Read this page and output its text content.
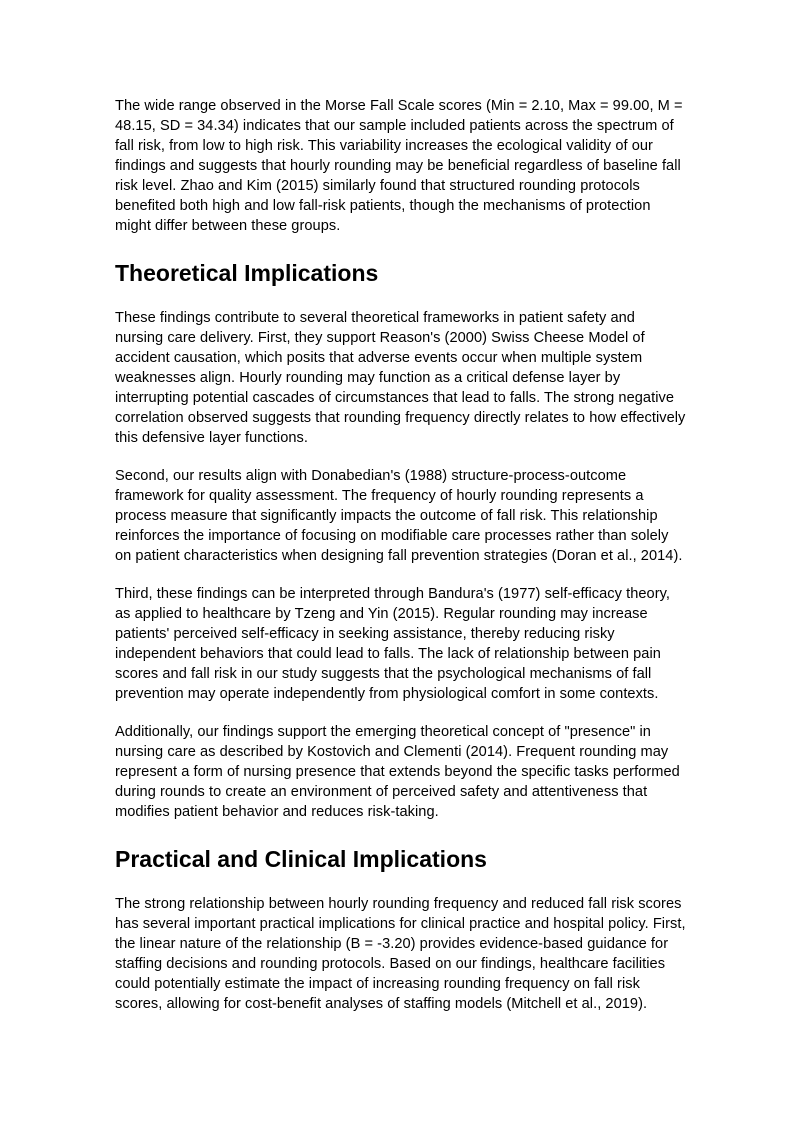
The wide range observed in the Morse Fall Scale scores (Min = 2.10, Max = 99.00, M = 48.15, SD = 34.34) indicates that our sample included patients across the spectrum of fall risk, from low to high risk. This variability increases the ecological validity of our findings and suggests that hourly rounding may be beneficial regardless of baseline fall risk level. Zhao and Kim (2015) similarly found that structured rounding protocols benefited both high and low fall-risk patients, though the mechanisms of protection might differ between these groups.

Theoretical Implications

These findings contribute to several theoretical frameworks in patient safety and nursing care delivery. First, they support Reason's (2000) Swiss Cheese Model of accident causation, which posits that adverse events occur when multiple system weaknesses align. Hourly rounding may function as a critical defense layer by interrupting potential cascades of circumstances that lead to falls. The strong negative correlation observed suggests that rounding frequency directly relates to how effectively this defensive layer functions.

Second, our results align with Donabedian's (1988) structure-process-outcome framework for quality assessment. The frequency of hourly rounding represents a process measure that significantly impacts the outcome of fall risk. This relationship reinforces the importance of focusing on modifiable care processes rather than solely on patient characteristics when designing fall prevention strategies (Doran et al., 2014).

Third, these findings can be interpreted through Bandura's (1977) self-efficacy theory, as applied to healthcare by Tzeng and Yin (2015). Regular rounding may increase patients' perceived self-efficacy in seeking assistance, thereby reducing risky independent behaviors that could lead to falls. The lack of relationship between pain scores and fall risk in our study suggests that the psychological mechanisms of fall prevention may operate independently from physiological comfort in some contexts.

Additionally, our findings support the emerging theoretical concept of "presence" in nursing care as described by Kostovich and Clementi (2014). Frequent rounding may represent a form of nursing presence that extends beyond the specific tasks performed during rounds to create an environment of perceived safety and attentiveness that modifies patient behavior and reduces risk-taking.

Practical and Clinical Implications

The strong relationship between hourly rounding frequency and reduced fall risk scores has several important practical implications for clinical practice and hospital policy. First, the linear nature of the relationship (B = -3.20) provides evidence-based guidance for staffing decisions and rounding protocols. Based on our findings, healthcare facilities could potentially estimate the impact of increasing rounding frequency on fall risk scores, allowing for cost-benefit analyses of staffing models (Mitchell et al., 2019).
